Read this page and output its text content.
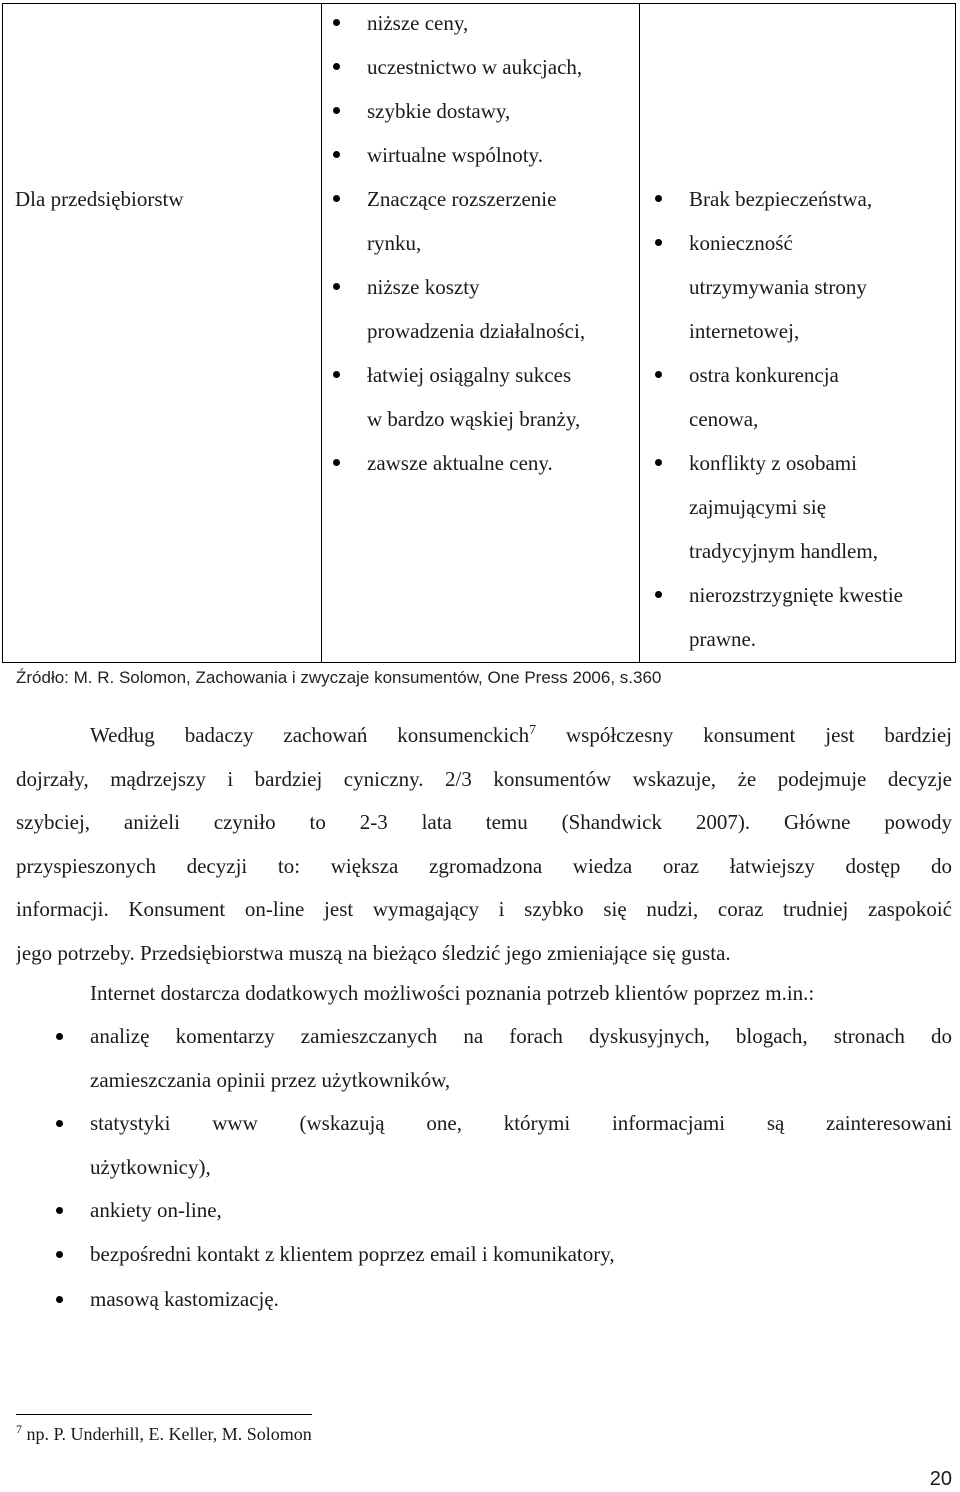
Dla przedsiębiorstw
niższe ceny,
uczestnictwo w aukcjach,
szybkie dostawy,
wirtualne wspólnoty.
Znaczące rozszerzenie
rynku,
niższe koszty
prowadzenia działalności,
łatwiej osiągalny sukces
w bardzo wąskiej branży,
zawsze aktualne ceny.
Brak bezpieczeństwa,
konieczność
utrzymywania strony
internetowej,
ostra konkurencja
cenowa,
konflikty z osobami
zajmującymi się
tradycyjnym handlem,
nierozstrzygnięte kwestie
prawne.
Źródło: M. R. Solomon, Zachowania i zwyczaje konsumentów, One Press 2006, s.360
Według badaczy zachowań konsumenckich$^7$ współczesny konsument jest bardziej
dojrzały, mądrzejszy i bardziej cyniczny. 2/3 konsumentów wskazuje, że podejmuje decyzje
szybciej, aniżeli czyniło to 2-3 lata temu (Shandwick 2007). Główne powody
przyspieszonych decyzji to: większa zgromadzona wiedza oraz łatwiejszy dostęp do
informacji. Konsument on-line jest wymagający i szybko się nudzi, coraz trudniej zaspokoić
jego potrzeby. Przedsiębiorstwa muszą na bieżąco śledzić jego zmieniające się gusta.
Internet dostarcza dodatkowych możliwości poznania potrzeb klientów poprzez m.in.:
analizę komentarzy zamieszczanych na forach dyskusyjnych, blogach, stronach do
zamieszczania opinii przez użytkowników,
statystyki www (wskazują one, którymi informacjami są zainteresowani
użytkownicy),
ankiety on-line,
bezpośredni kontakt z klientem poprzez email i komunikatory,
masową kastomizację.
$^7$ np. P. Underhill, E. Keller, M. Solomon
20
